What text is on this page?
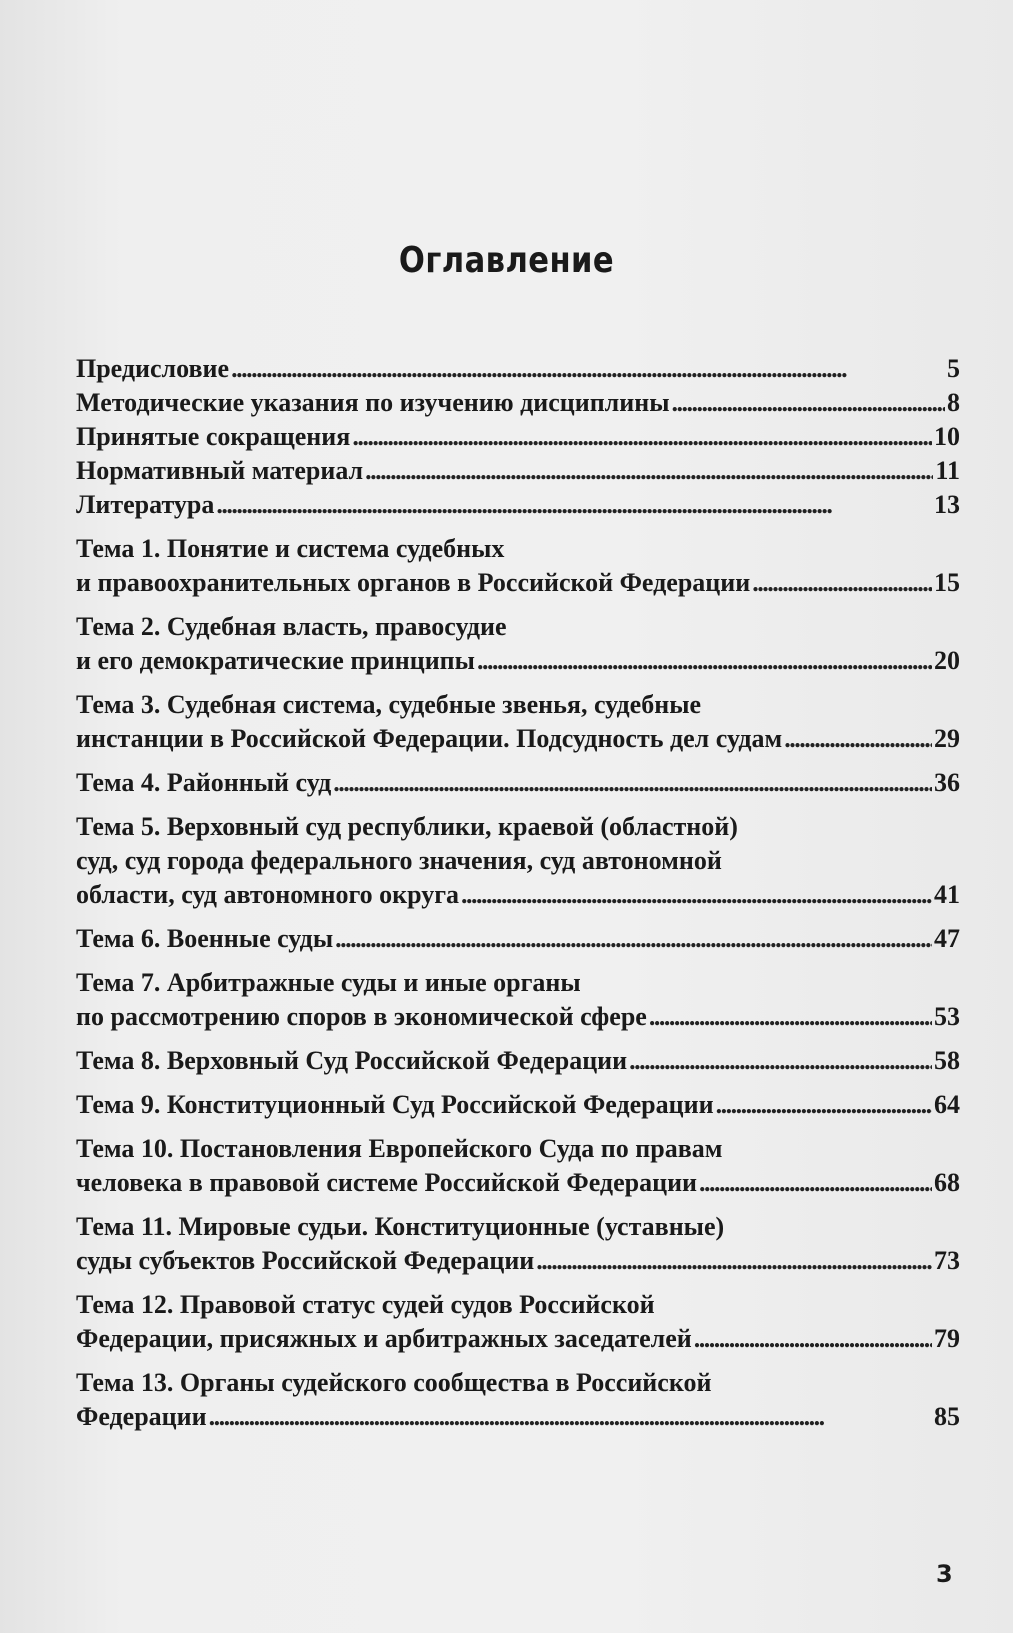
Оглавление
Предисловие . . .	5
Методические указания по изучению дисциплины . . .	8
Принятые сокращения . . .	10
Нормативный материал . . .	11
Литература . . .	13
Тема 1. Понятие и система судебных
и правоохранительных органов в Российской Федерации . . .	15
Тема 2. Судебная власть, правосудие
и его демократические принципы . . .	20
Тема 3. Судебная система, судебные звенья, судебные
инстанции в Российской Федерации. Подсудность дел судам . . .	29
Тема 4. Районный суд . . .	36
Тема 5. Верховный суд республики, краевой (областной)
суд, суд города федерального значения, суд автономной
области, суд автономного округа . . .	41
Тема 6. Военные суды . . .	47
Тема 7. Арбитражные суды и иные органы
по рассмотрению споров в экономической сфере . . .	53
Тема 8. Верховный Суд Российской Федерации . . .	58
Тема 9. Конституционный Суд Российской Федерации . . .	64
Тема 10. Постановления Европейского Суда по правам
человека в правовой системе Российской Федерации . . .	68
Тема 11. Мировые судьи. Конституционные (уставные)
суды субъектов Российской Федерации . . .	73
Тема 12. Правовой статус судей судов Российской
Федерации, присяжных и арбитражных заседателей . . .	79
Тема 13. Органы судейского сообщества в Российской
Федерации . . .	85
3
